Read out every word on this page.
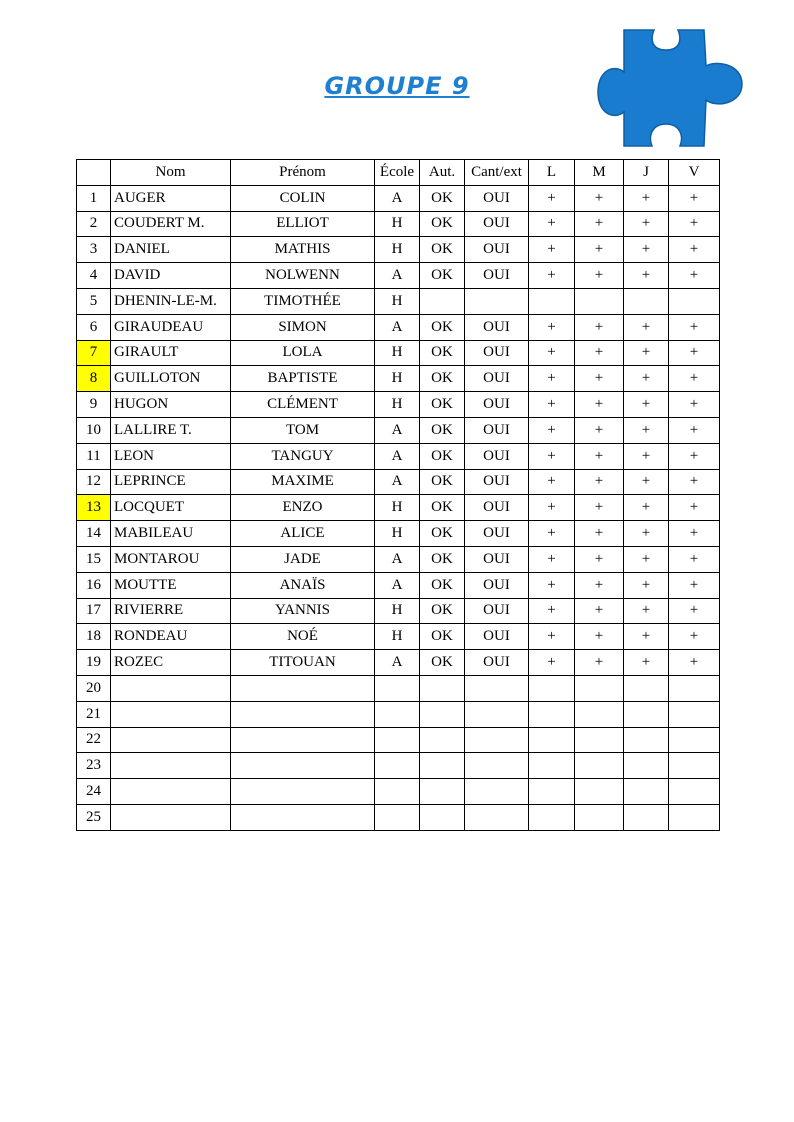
GROUPE 9
	Nom	Prénom	École	Aut.	Cant/ext	L	M	J	V
1	AUGER	COLIN	A	OK	OUI	+	+	+	+
2	COUDERT M.	ELLIOT	H	OK	OUI	+	+	+	+
3	DANIEL	MATHIS	H	OK	OUI	+	+	+	+
4	DAVID	NOLWENN	A	OK	OUI	+	+	+	+
5	DHENIN-LE-M.	TIMOTHÉE	H						
6	GIRAUDEAU	SIMON	A	OK	OUI	+	+	+	+
7	GIRAULT	LOLA	H	OK	OUI	+	+	+	+
8	GUILLOTON	BAPTISTE	H	OK	OUI	+	+	+	+
9	HUGON	CLÉMENT	H	OK	OUI	+	+	+	+
10	LALLIRE T.	TOM	A	OK	OUI	+	+	+	+
11	LEON	TANGUY	A	OK	OUI	+	+	+	+
12	LEPRINCE	MAXIME	A	OK	OUI	+	+	+	+
13	LOCQUET	ENZO	H	OK	OUI	+	+	+	+
14	MABILEAU	ALICE	H	OK	OUI	+	+	+	+
15	MONTAROU	JADE	A	OK	OUI	+	+	+	+
16	MOUTTE	ANAÏS	A	OK	OUI	+	+	+	+
17	RIVIERRE	YANNIS	H	OK	OUI	+	+	+	+
18	RONDEAU	NOÉ	H	OK	OUI	+	+	+	+
19	ROZEC	TITOUAN	A	OK	OUI	+	+	+	+
20									
21									
22									
23									
24									
25									
